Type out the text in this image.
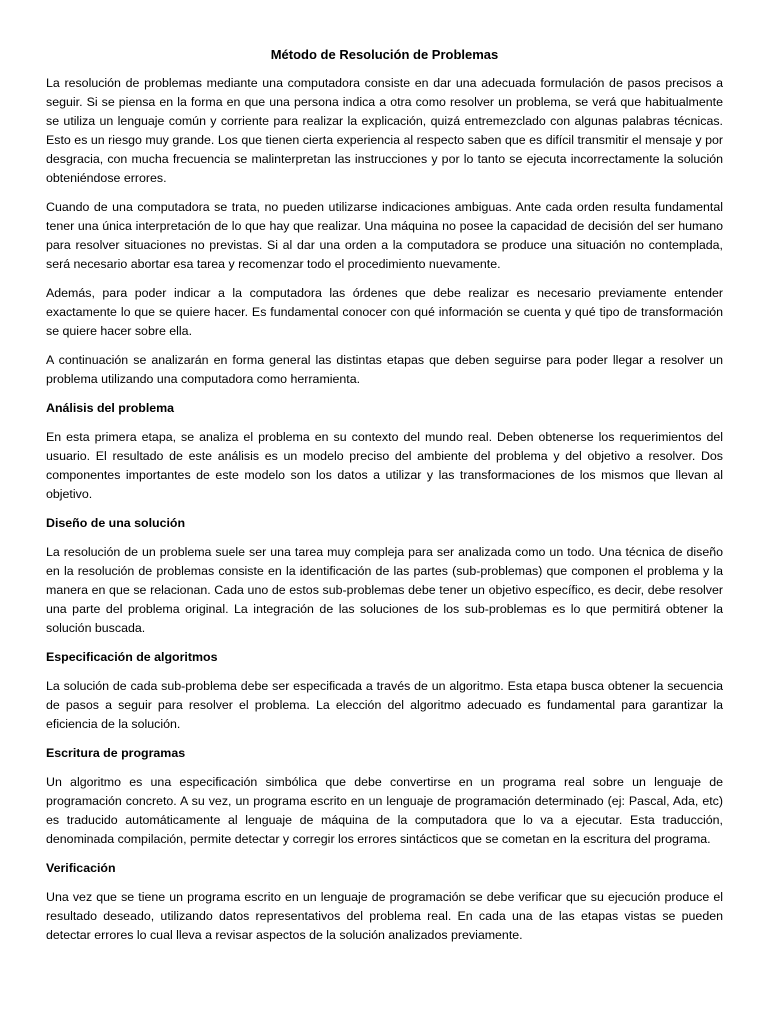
Método de Resolución de Problemas

La resolución de problemas mediante una computadora consiste en dar una adecuada formulación de pasos precisos a seguir. Si se piensa en la forma en que una persona indica a otra como resolver un problema, se verá que habitualmente se utiliza un lenguaje común y corriente para realizar la explicación, quizá entremezclado con algunas palabras técnicas. Esto es un riesgo muy grande. Los que tienen cierta experiencia al respecto saben que es difícil transmitir el mensaje y por desgracia, con mucha frecuencia se malinterpretan las instrucciones y por lo tanto se ejecuta incorrectamente la solución obteniéndose errores.

Cuando de una computadora se trata, no pueden utilizarse indicaciones ambiguas. Ante cada orden resulta fundamental tener una única interpretación de lo que hay que realizar. Una máquina no posee la capacidad de decisión del ser humano para resolver situaciones no previstas. Si al dar una orden a la computadora se produce una situación no contemplada, será necesario abortar esa tarea y recomenzar todo el procedimiento nuevamente.

Además, para poder indicar a la computadora las órdenes que debe realizar es necesario previamente entender exactamente lo que se quiere hacer. Es fundamental conocer con qué información se cuenta y qué tipo de transformación se quiere hacer sobre ella.

A continuación se analizarán en forma general las distintas etapas que deben seguirse para poder llegar a resolver un problema utilizando una computadora como herramienta.

Análisis del problema

En esta primera etapa, se analiza el problema en su contexto del mundo real. Deben obtenerse los requerimientos del usuario. El resultado de este análisis es un modelo preciso del ambiente del problema y del objetivo a resolver. Dos componentes importantes de este modelo son los datos a utilizar y las transformaciones de los mismos que llevan al objetivo.

Diseño de una solución

La resolución de un problema suele ser una tarea muy compleja para ser analizada como un todo. Una técnica de diseño en la resolución de problemas consiste en la identificación de las partes (sub-problemas) que componen el problema y la manera en que se relacionan. Cada uno de estos sub-problemas debe tener un objetivo específico, es decir, debe resolver una parte del problema original. La integración de las soluciones de los sub-problemas es lo que permitirá obtener la solución buscada.

Especificación de algoritmos

La solución de cada sub-problema debe ser especificada a través de un algoritmo. Esta etapa busca obtener la secuencia de pasos a seguir para resolver el problema. La elección del algoritmo adecuado es fundamental para garantizar la eficiencia de la solución.

Escritura de programas

Un algoritmo es una especificación simbólica que debe convertirse en un programa real sobre un lenguaje de programación concreto. A su vez, un programa escrito en un lenguaje de programación determinado (ej: Pascal, Ada, etc) es traducido automáticamente al lenguaje de máquina de la computadora que lo va a ejecutar. Esta traducción, denominada compilación, permite detectar y corregir los errores sintácticos que se cometan en la escritura del programa.

Verificación

Una vez que se tiene un programa escrito en un lenguaje de programación se debe verificar que su ejecución produce el resultado deseado, utilizando datos representativos del problema real. En cada una de las etapas vistas se pueden detectar errores lo cual lleva a revisar aspectos de la solución analizados previamente.
